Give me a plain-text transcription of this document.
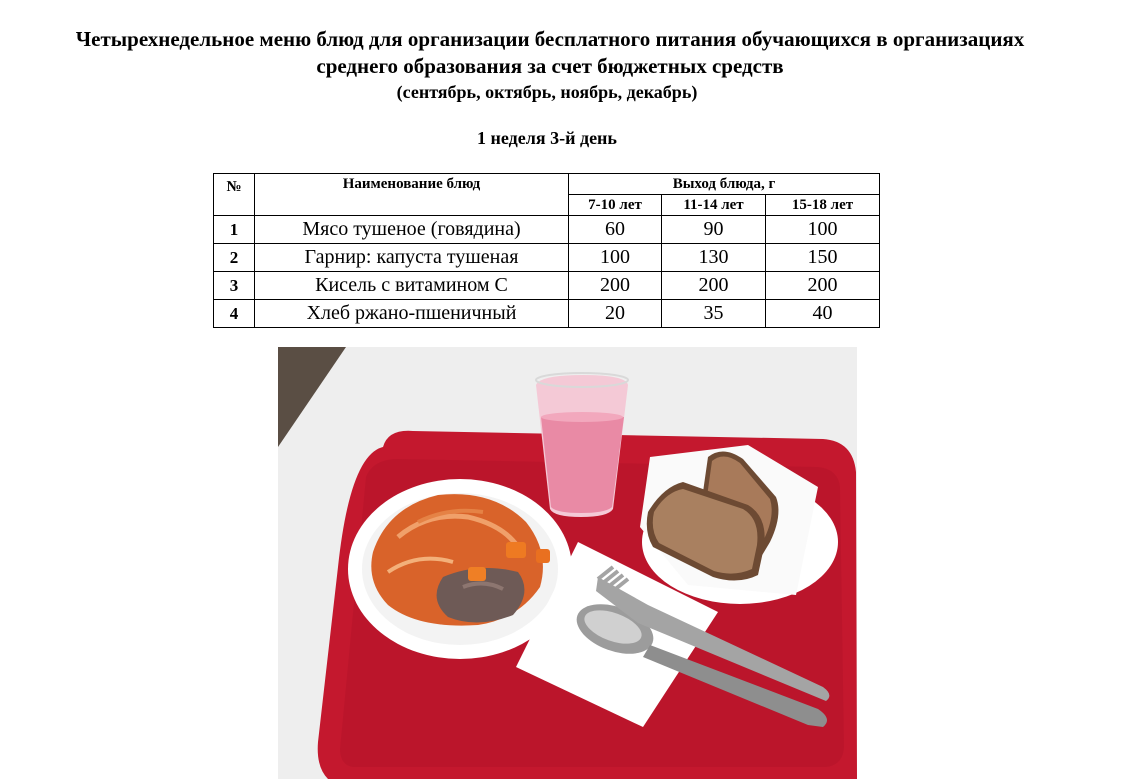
Четырехнедельное меню блюд для организации бесплатного питания обучающихся в организациях
среднего образования за счет бюджетных средств
(сентябрь, октябрь, ноябрь, декабрь)
1 неделя 3-й день
№	Наименование блюд	Выход блюда, г		
		7-10 лет	11-14 лет	15-18 лет
1	Мясо тушеное (говядина)	60	90	100
2	Гарнир: капуста тушеная	100	130	150
3	Кисель с витамином С	200	200	200
4	Хлеб ржано-пшеничный	20	35	40
